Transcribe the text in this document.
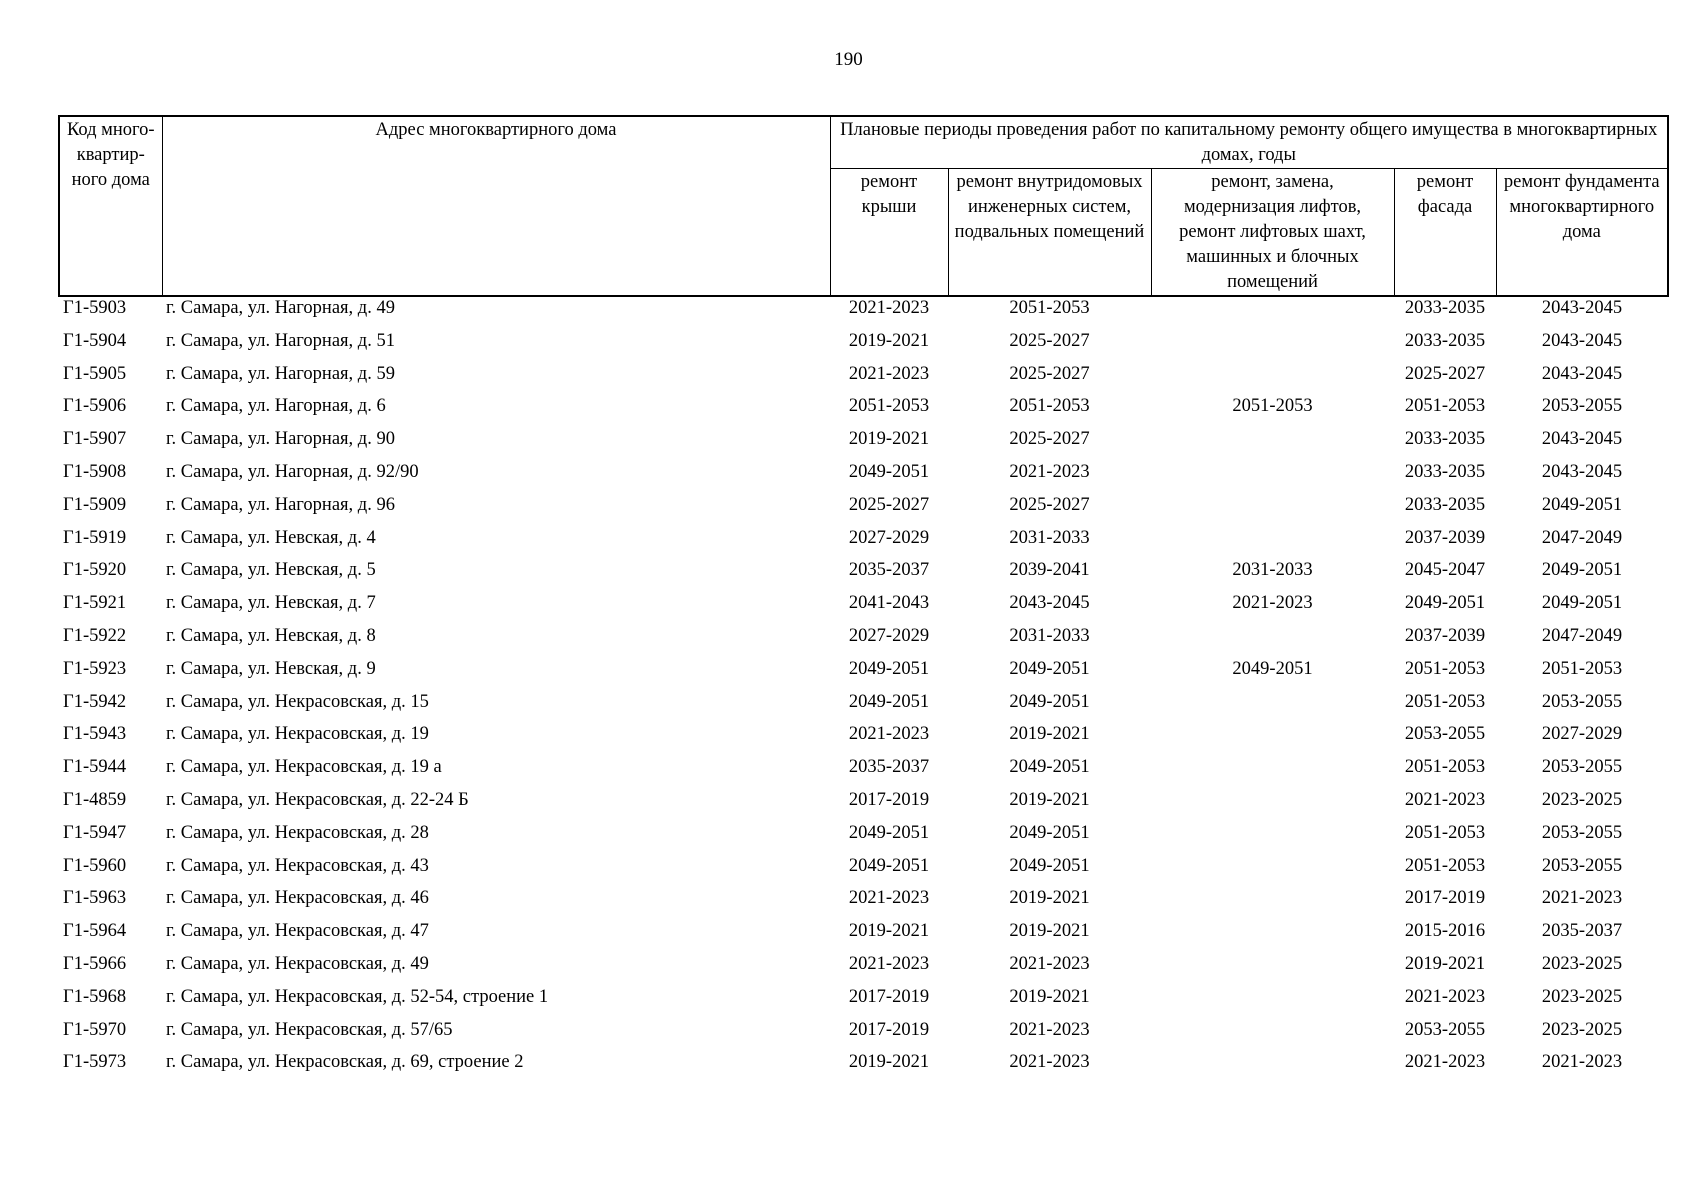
190
Код много-квартир-ного дома	Адрес многоквартирного дома	Плановые периоды проведения работ по капитальному ремонту общего имущества в многоквартирных домах, годы				
		ремонт крыши	ремонт внутридомовых инженерных систем, подвальных помещений	ремонт, замена, модернизация лифтов, ремонт лифтовых шахт, машинных и блочных помещений	ремонт фасада	ремонт фундамента многоквартирного дома
Г1-5903	г. Самара, ул. Нагорная, д. 49	2021-2023	2051-2053		2033-2035	2043-2045
Г1-5904	г. Самара, ул. Нагорная, д. 51	2019-2021	2025-2027		2033-2035	2043-2045
Г1-5905	г. Самара, ул. Нагорная, д. 59	2021-2023	2025-2027		2025-2027	2043-2045
Г1-5906	г. Самара, ул. Нагорная, д. 6	2051-2053	2051-2053	2051-2053	2051-2053	2053-2055
Г1-5907	г. Самара, ул. Нагорная, д. 90	2019-2021	2025-2027		2033-2035	2043-2045
Г1-5908	г. Самара, ул. Нагорная, д. 92/90	2049-2051	2021-2023		2033-2035	2043-2045
Г1-5909	г. Самара, ул. Нагорная, д. 96	2025-2027	2025-2027		2033-2035	2049-2051
Г1-5919	г. Самара, ул. Невская, д. 4	2027-2029	2031-2033		2037-2039	2047-2049
Г1-5920	г. Самара, ул. Невская, д. 5	2035-2037	2039-2041	2031-2033	2045-2047	2049-2051
Г1-5921	г. Самара, ул. Невская, д. 7	2041-2043	2043-2045	2021-2023	2049-2051	2049-2051
Г1-5922	г. Самара, ул. Невская, д. 8	2027-2029	2031-2033		2037-2039	2047-2049
Г1-5923	г. Самара, ул. Невская, д. 9	2049-2051	2049-2051	2049-2051	2051-2053	2051-2053
Г1-5942	г. Самара, ул. Некрасовская, д. 15	2049-2051	2049-2051		2051-2053	2053-2055
Г1-5943	г. Самара, ул. Некрасовская, д. 19	2021-2023	2019-2021		2053-2055	2027-2029
Г1-5944	г. Самара, ул. Некрасовская, д. 19 а	2035-2037	2049-2051		2051-2053	2053-2055
Г1-4859	г. Самара, ул. Некрасовская, д. 22-24 Б	2017-2019	2019-2021		2021-2023	2023-2025
Г1-5947	г. Самара, ул. Некрасовская, д. 28	2049-2051	2049-2051		2051-2053	2053-2055
Г1-5960	г. Самара, ул. Некрасовская, д. 43	2049-2051	2049-2051		2051-2053	2053-2055
Г1-5963	г. Самара, ул. Некрасовская, д. 46	2021-2023	2019-2021		2017-2019	2021-2023
Г1-5964	г. Самара, ул. Некрасовская, д. 47	2019-2021	2019-2021		2015-2016	2035-2037
Г1-5966	г. Самара, ул. Некрасовская, д. 49	2021-2023	2021-2023		2019-2021	2023-2025
Г1-5968	г. Самара, ул. Некрасовская, д. 52-54, строение 1	2017-2019	2019-2021		2021-2023	2023-2025
Г1-5970	г. Самара, ул. Некрасовская, д. 57/65	2017-2019	2021-2023		2053-2055	2023-2025
Г1-5973	г. Самара, ул. Некрасовская, д. 69, строение 2	2019-2021	2021-2023		2021-2023	2021-2023
